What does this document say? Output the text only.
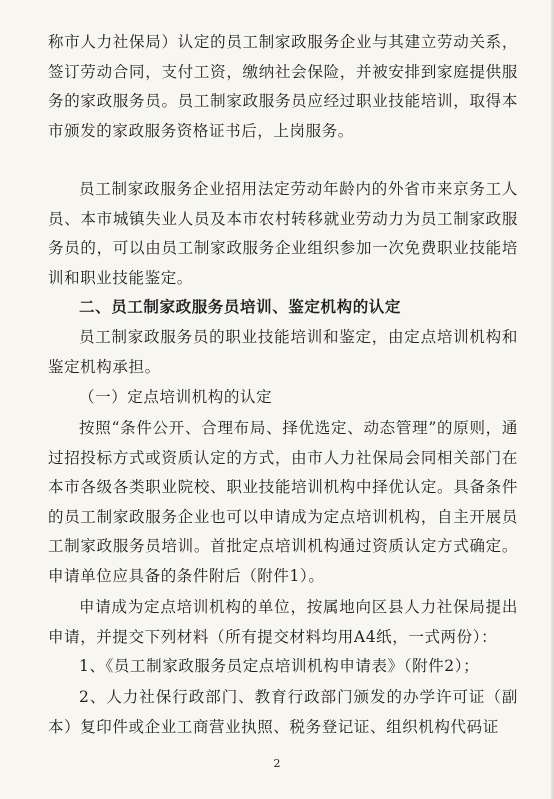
称市人力社保局）认定的员工制家政服务企业与其建立劳动关系，签订劳动合同，支付工资，缴纳社会保险，并被安排到家庭提供服务的家政服务员。员工制家政服务员应经过职业技能培训，取得本市颁发的家政服务资格证书后，上岗服务。

员工制家政服务企业招用法定劳动年龄内的外省市来京务工人员、本市城镇失业人员及本市农村转移就业劳动力为员工制家政服务员的，可以由员工制家政服务企业组织参加一次免费职业技能培训和职业技能鉴定。

二、员工制家政服务员培训、鉴定机构的认定

员工制家政服务员的职业技能培训和鉴定，由定点培训机构和鉴定机构承担。

（一）定点培训机构的认定

按照“条件公开、合理布局、择优选定、动态管理”的原则，通过招投标方式或资质认定的方式，由市人力社保局会同相关部门在本市各级各类职业院校、职业技能培训机构中择优认定。具备条件的员工制家政服务企业也可以申请成为定点培训机构，自主开展员工制家政服务员培训。首批定点培训机构通过资质认定方式确定。申请单位应具备的条件附后（附件1）。

申请成为定点培训机构的单位，按属地向区县人力社保局提出申请，并提交下列材料（所有提交材料均用A4纸，一式两份）：

1、《员工制家政服务员定点培训机构申请表》（附件2）；

2、人力社保行政部门、教育行政部门颁发的办学许可证（副本）复印件或企业工商营业执照、税务登记证、组织机构代码证

2
